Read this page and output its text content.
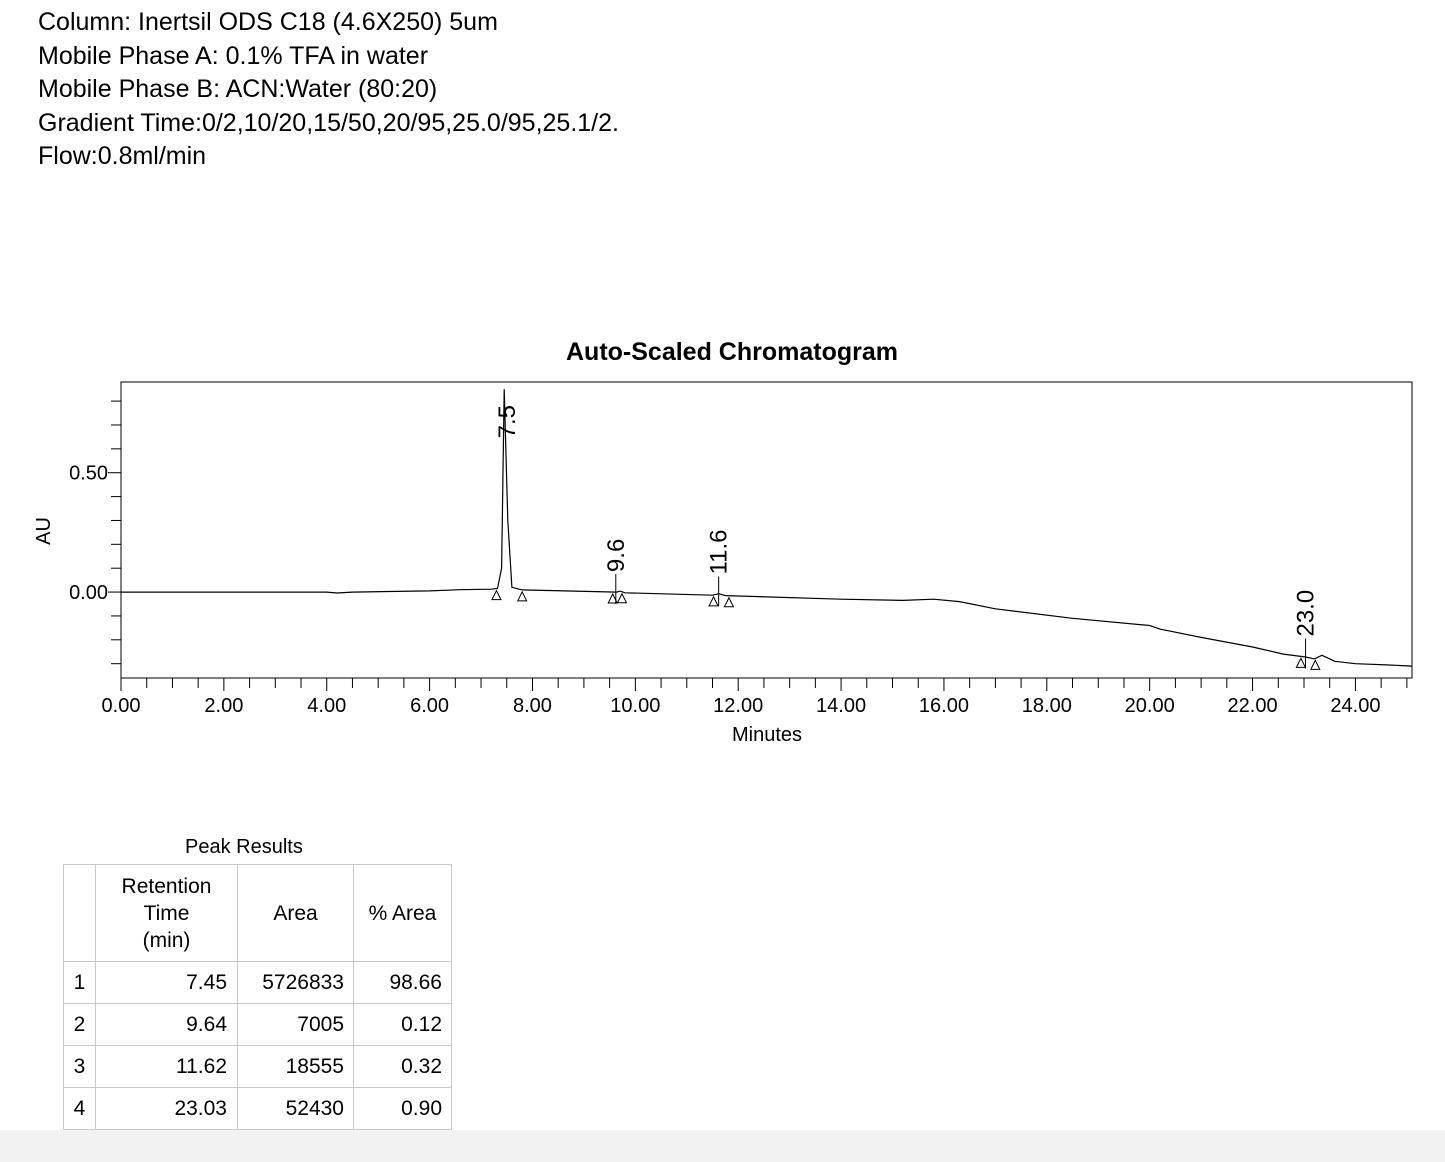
Column: Inertsil ODS C18 (4.6X250) 5um
Mobile Phase A: 0.1% TFA in water
Mobile Phase B: ACN:Water (80:20)
Gradient Time:0/2,10/20,15/50,20/95,25.0/95,25.1/2.
Flow:0.8ml/min
Auto-Scaled Chromatogram
AU
Minutes
0.00	2.00	4.00	6.00	8.00	10.00	12.00	14.00	16.00	18.00	20.00	22.00	24.00
0.50
0.00
7.5
9.6	11.6
23.0
Peak Results

	Retention
Time
(min)	Area	% Area
1	7.45	5726833	98.66
2	9.64	7005	0.12
3	11.62	18555	0.32
4	23.03	52430	0.90
